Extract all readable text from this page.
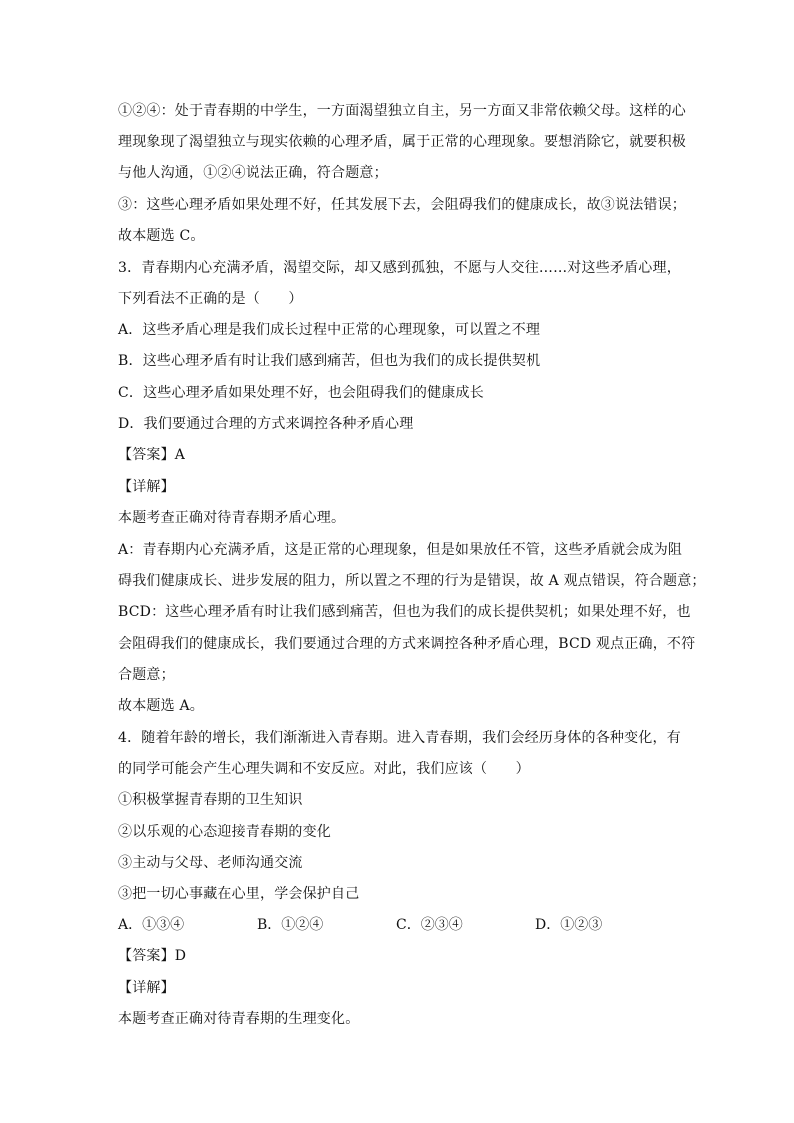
①②④：处于青春期的中学生，一方面渴望独立自主，另一方面又非常依赖父母。这样的心
理现象现了渴望独立与现实依赖的心理矛盾，属于正常的心理现象。要想消除它，就要积极
与他人沟通，①②④说法正确，符合题意；
③：这些心理矛盾如果处理不好，任其发展下去，会阻碍我们的健康成长，故③说法错误；
故本题选 C。
3．青春期内心充满矛盾，渴望交际，却又感到孤独，不愿与人交往……对这些矛盾心理，
下列看法不正确的是（　　）
A．这些矛盾心理是我们成长过程中正常的心理现象，可以置之不理
B．这些心理矛盾有时让我们感到痛苦，但也为我们的成长提供契机
C．这些心理矛盾如果处理不好，也会阻碍我们的健康成长
D．我们要通过合理的方式来调控各种矛盾心理
【答案】A
【详解】
本题考查正确对待青春期矛盾心理。
A：青春期内心充满矛盾，这是正常的心理现象，但是如果放任不管，这些矛盾就会成为阻
碍我们健康成长、进步发展的阻力，所以置之不理的行为是错误，故 A 观点错误，符合题意；
BCD：这些心理矛盾有时让我们感到痛苦，但也为我们的成长提供契机；如果处理不好，也
会阻碍我们的健康成长，我们要通过合理的方式来调控各种矛盾心理，BCD 观点正确，不符
合题意；
故本题选 A。
4．随着年龄的增长，我们渐渐进入青春期。进入青春期，我们会经历身体的各种变化，有
的同学可能会产生心理失调和不安反应。对此，我们应该（　　）
①积极掌握青春期的卫生知识
②以乐观的心态迎接青春期的变化
③主动与父母、老师沟通交流
③把一切心事藏在心里，学会保护自己
A．①③④	B．①②④	C．②③④	D．①②③
【答案】D
【详解】
本题考查正确对待青春期的生理变化。
